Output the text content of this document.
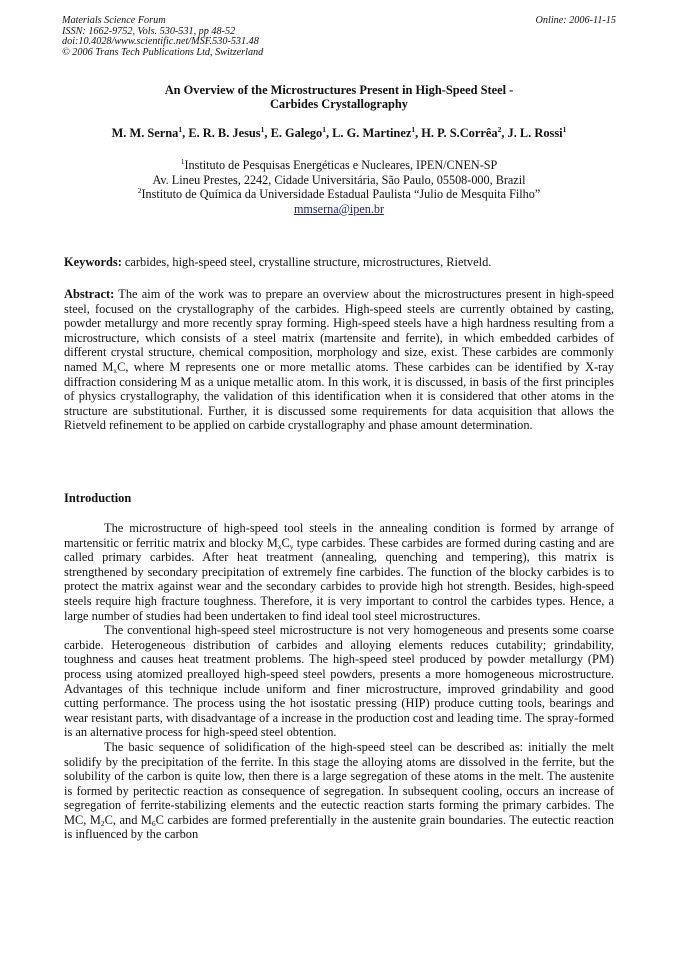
Materials Science Forum
ISSN: 1662-9752, Vols. 530-531, pp 48-52
doi:10.4028/www.scientific.net/MSF.530-531.48
© 2006 Trans Tech Publications Ltd, Switzerland
Online: 2006-11-15
An Overview of the Microstructures Present in High-Speed Steel -
Carbides Crystallography
M. M. Serna$^1$, E. R. B. Jesus$^1$, E. Galego$^1$, L. G. Martinez$^1$, H. P. S.Corrêa$^2$, J. L. Rossi$^1$
$^1$Instituto de Pesquisas Energéticas e Nucleares, IPEN/CNEN-SP
Av. Lineu Prestes, 2242, Cidade Universitária, São Paulo, 05508-000, Brazil
$^2$Instituto de Química da Universidade Estadual Paulista “Julio de Mesquita Filho”
mmserna@ipen.br
Keywords: carbides, high-speed steel, crystalline structure, microstructures, Rietveld.
Abstract: The aim of the work was to prepare an overview about the microstructures present in high-speed steel, focused on the crystallography of the carbides. High-speed steels are currently obtained by casting, powder metallurgy and more recently spray forming. High-speed steels have a high hardness resulting from a microstructure, which consists of a steel matrix (martensite and ferrite), in which embedded carbides of different crystal structure, chemical composition, morphology and size, exist. These carbides are commonly named $M_xC$, where M represents one or more metallic atoms. These carbides can be identified by X-ray diffraction considering M as a unique metallic atom. In this work, it is discussed, in basis of the first principles of physics crystallography, the validation of this identification when it is considered that other atoms in the structure are substitutional. Further, it is discussed some requirements for data acquisition that allows the Rietveld refinement to be applied on carbide crystallography and phase amount determination.
Introduction

The microstructure of high-speed tool steels in the annealing condition is formed by arrange of martensitic or ferritic matrix and blocky $M_xC_y$ type carbides. These carbides are formed during casting and are called primary carbides. After heat treatment (annealing, quenching and tempering), this matrix is strengthened by secondary precipitation of extremely fine carbides. The function of the blocky carbides is to protect the matrix against wear and the secondary carbides to provide high hot strength. Besides, high-speed steels require high fracture toughness. Therefore, it is very important to control the carbides types. Hence, a large number of studies had been undertaken to find ideal tool steel microstructures.

The conventional high-speed steel microstructure is not very homogeneous and presents some coarse carbide. Heterogeneous distribution of carbides and alloying elements reduces cutability; grindability, toughness and causes heat treatment problems. The high-speed steel produced by powder metallurgy (PM) process using atomized prealloyed high-speed steel powders, presents a more homogeneous microstructure. Advantages of this technique include uniform and finer microstructure, improved grindability and good cutting performance. The process using the hot isostatic pressing (HIP) produce cutting tools, bearings and wear resistant parts, with disadvantage of a increase in the production cost and leading time. The spray-formed is an alternative process for high-speed steel obtention.

The basic sequence of solidification of the high-speed steel can be described as: initially the melt solidify by the precipitation of the ferrite. In this stage the alloying atoms are dissolved in the ferrite, but the solubility of the carbon is quite low, then there is a large segregation of these atoms in the melt. The austenite is formed by peritectic reaction as consequence of segregation. In subsequent cooling, occurs an increase of segregation of ferrite-stabilizing elements and the eutectic reaction starts forming the primary carbides. The MC, $M_2C$, and $M_6C$ carbides are formed preferentially in the austenite grain boundaries. The eutectic reaction is influenced by the carbon
